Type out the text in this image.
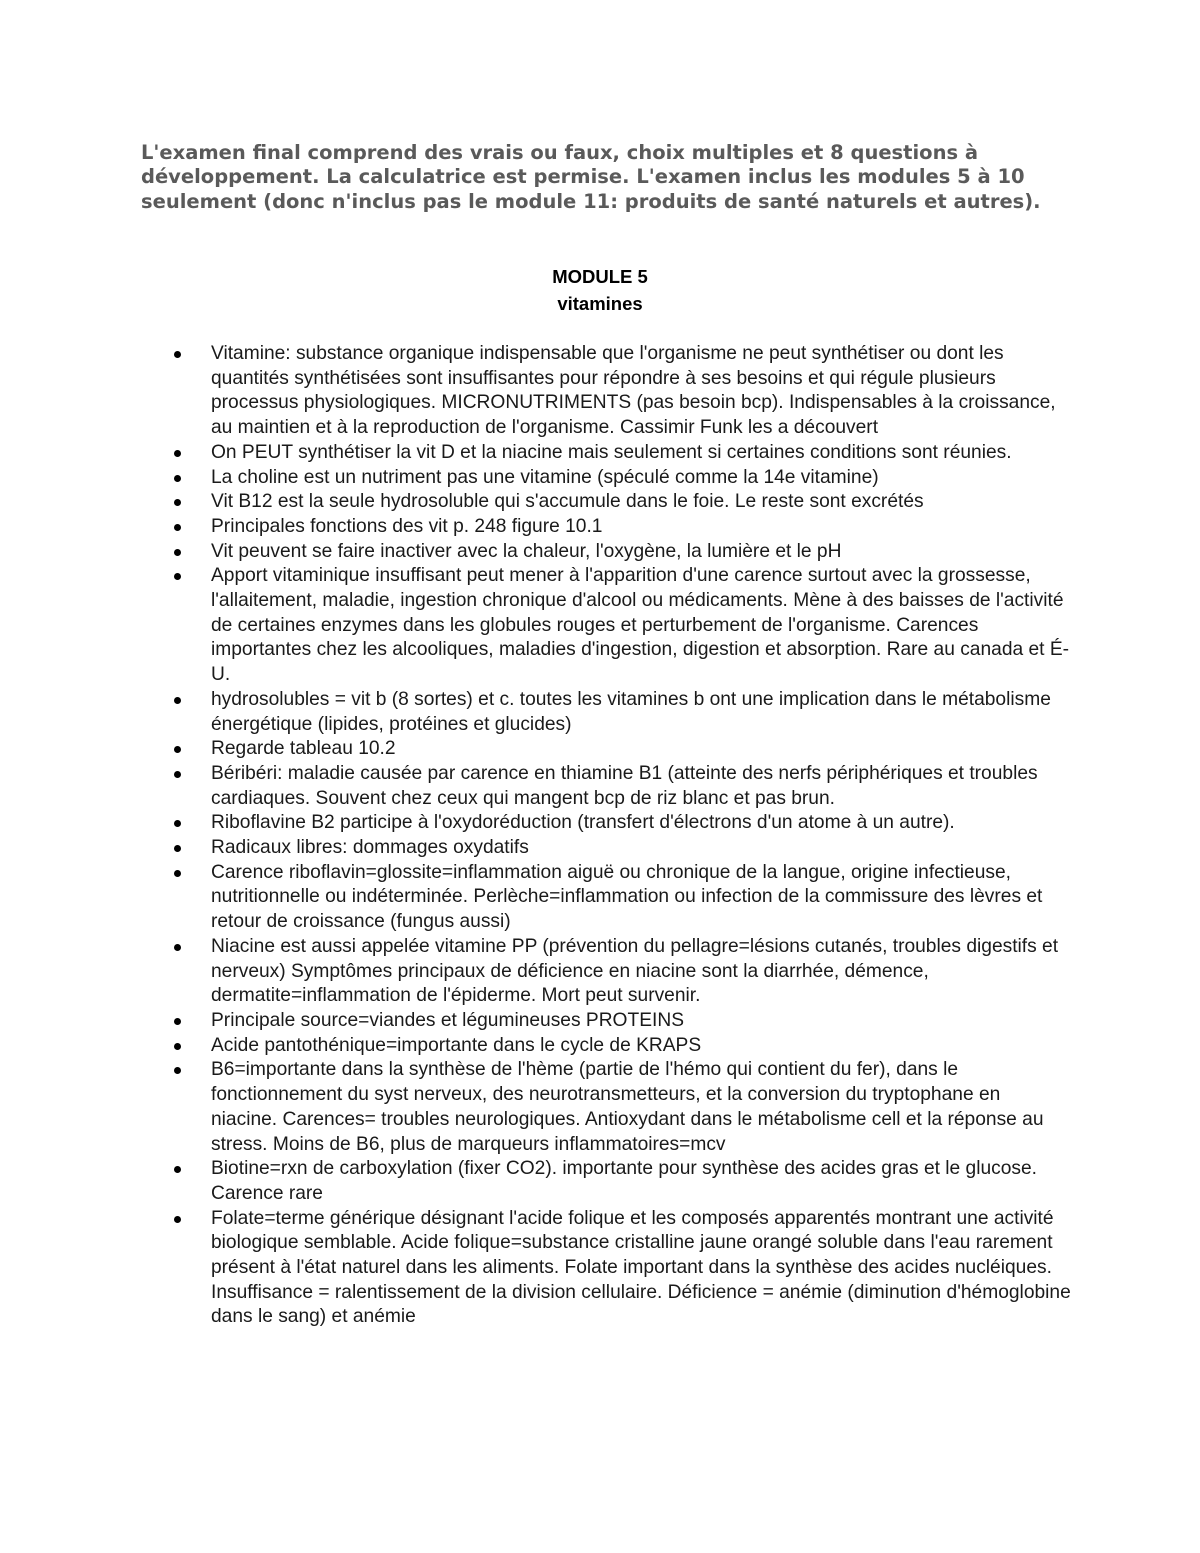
L'examen final comprend des vrais ou faux, choix multiples et 8 questions à développement. La calculatrice est permise. L'examen inclus les modules 5 à 10 seulement (donc n'inclus pas le module 11: produits de santé naturels et autres).

MODULE 5
vitamines
Vitamine: substance organique indispensable que l'organisme ne peut synthétiser ou dont les quantités synthétisées sont insuffisantes pour répondre à ses besoins et qui régule plusieurs processus physiologiques. MICRONUTRIMENTS (pas besoin bcp). Indispensables à la croissance, au maintien et à la reproduction de l'organisme. Cassimir Funk les a découvert
On PEUT synthétiser la vit D et la niacine mais seulement si certaines conditions sont réunies.
La choline est un nutriment pas une vitamine (spéculé comme la 14e vitamine)
Vit B12 est la seule hydrosoluble qui s'accumule dans le foie. Le reste sont excrétés
Principales fonctions des vit p. 248 figure 10.1
Vit peuvent se faire inactiver avec la chaleur, l'oxygène, la lumière et le pH
Apport vitaminique insuffisant peut mener à l'apparition d'une carence surtout avec la grossesse, l'allaitement, maladie, ingestion chronique d'alcool ou médicaments. Mène à des baisses de l'activité de certaines enzymes dans les globules rouges et perturbement de l'organisme. Carences importantes chez les alcooliques, maladies d'ingestion, digestion et absorption. Rare au canada et É-U.
hydrosolubles = vit b (8 sortes) et c. toutes les vitamines b ont une implication dans le métabolisme énergétique (lipides, protéines et glucides)
Regarde tableau 10.2
Béribéri: maladie causée par carence en thiamine B1 (atteinte des nerfs périphériques et troubles cardiaques. Souvent chez ceux qui mangent bcp de riz blanc et pas brun.
Riboflavine B2 participe à l'oxydoréduction (transfert d'électrons d'un atome à un autre).
Radicaux libres: dommages oxydatifs
Carence riboflavin=glossite=inflammation aiguë ou chronique de la langue, origine infectieuse, nutritionnelle ou indéterminée. Perlèche=inflammation ou infection de la commissure des lèvres et retour de croissance (fungus aussi)
Niacine est aussi appelée vitamine PP (prévention du pellagre=lésions cutanés, troubles digestifs et nerveux) Symptômes principaux de déficience en niacine sont la diarrhée, démence, dermatite=inflammation de l'épiderme. Mort peut survenir.
Principale source=viandes et légumineuses PROTEINS
Acide pantothénique=importante dans le cycle de KRAPS
B6=importante dans la synthèse de l'hème (partie de l'hémo qui contient du fer), dans le fonctionnement du syst nerveux, des neurotransmetteurs, et la conversion du tryptophane en niacine. Carences= troubles neurologiques. Antioxydant dans le métabolisme cell et la réponse au stress. Moins de B6, plus de marqueurs inflammatoires=mcv
Biotine=rxn de carboxylation (fixer CO2). importante pour synthèse des acides gras et le glucose. Carence rare
Folate=terme générique désignant l'acide folique et les composés apparentés montrant une activité biologique semblable. Acide folique=substance cristalline jaune orangé soluble dans l'eau rarement présent à l'état naturel dans les aliments. Folate important dans la synthèse des acides nucléiques. Insuffisance = ralentissement de la division cellulaire. Déficience = anémie (diminution d'hémoglobine dans le sang) et anémie
